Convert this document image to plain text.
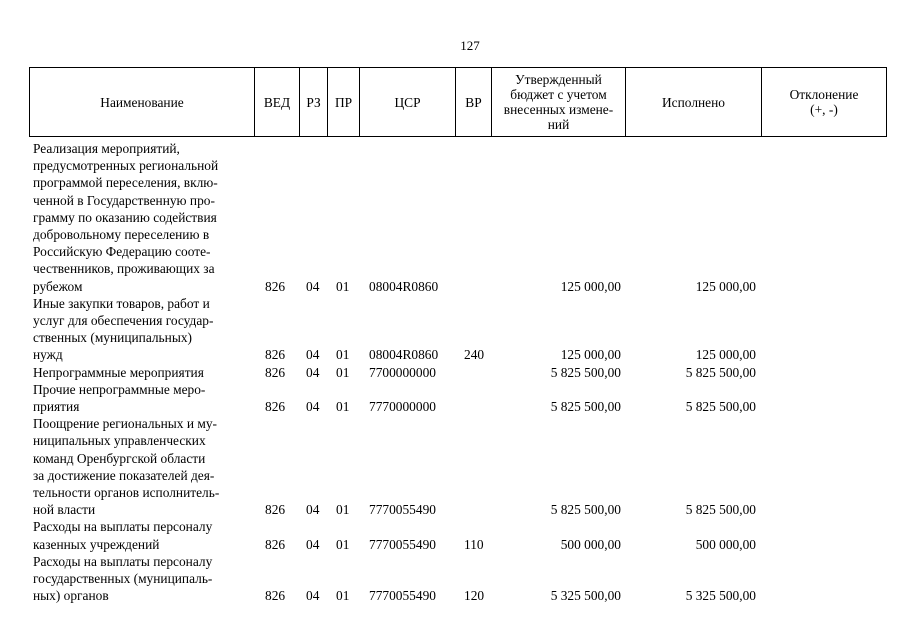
127
Наименование	ВЕД	РЗ	ПР	ЦСР	ВР
Утвержденный
бюджет с учетом
внесенных измене-
ний
Исполнено	Отклонение
(+, -)
Реализация мероприятий,
предусмотренных региональной
программой переселения, вклю-
ченной в Государственную про-
грамму по оказанию содействия
добровольному переселению в
Российскую Федерацию соотe-
чественников, проживающих за
рубежом	826 04 01 08004R0860	125 000,00	125 000,00
Иные закупки товаров, работ и
услуг для обеспечения государ-
ственных (муниципальных)
нужд	826 04 01 08004R0860 240	125 000,00	125 000,00
Непрограммные мероприятия	826 04 01 7700000000	5 825 500,00	5 825 500,00
Прочие непрограммные меро-
приятия	826 04 01 7770000000	5 825 500,00	5 825 500,00
Поощрение региональных и му-
ниципальных управленческих
команд Оренбургской области
за достижение показателей дея-
тельности органов исполнитель-
ной власти	826 04 01 7770055490	5 825 500,00	5 825 500,00
Расходы на выплаты персоналу
казенных учреждений	826 04 01 7770055490 110	500 000,00	500 000,00
Расходы на выплаты персоналу
государственных (муниципаль-
ных) органов	826 04 01 7770055490 120	5 325 500,00	5 325 500,00
